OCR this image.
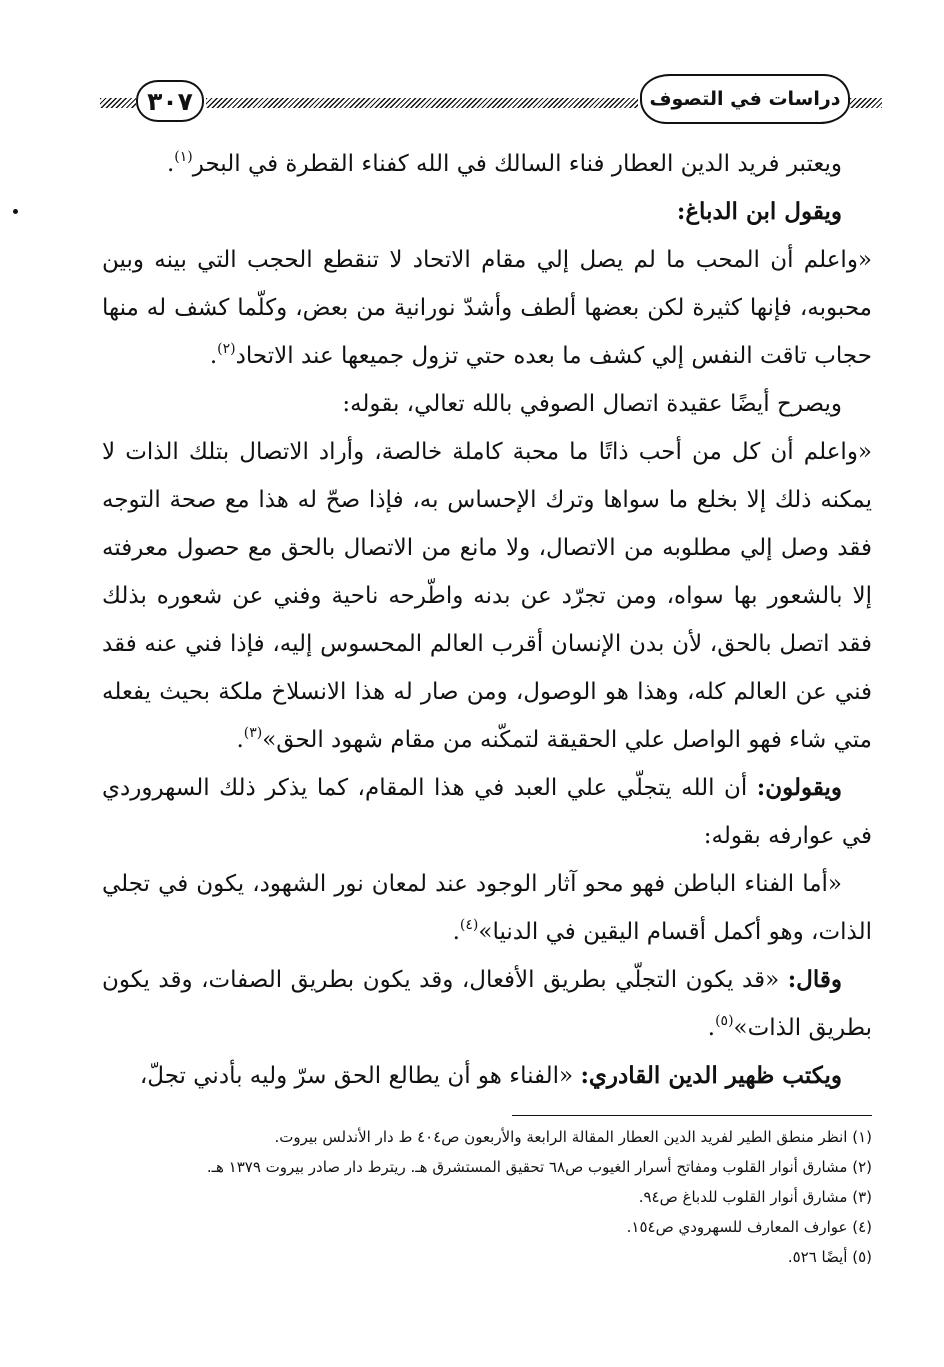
٣٠٧	دراسات في التصوف

ويعتبر فريد الدين العطار فناء السالك في الله كفناء القطرة في البحر$^{(١)}$.

ويقول ابن الدباغ:

«واعلم أن المحب ما لم يصل إلي مقام الاتحاد لا تنقطع الحجب التي بينه وبين محبوبه، فإنها كثيرة لكن بعضها ألطف وأشدّ نورانية من بعض، وكلّما كشف له منها حجاب تاقت النفس إلي كشف ما بعده حتي تزول جميعها عند الاتحاد$^{(٢)}$.

ويصرح أيضًا عقيدة اتصال الصوفي بالله تعالي، بقوله:

«واعلم أن كل من أحب ذاتًا ما محبة كاملة خالصة، وأراد الاتصال بتلك الذات لا يمكنه ذلك إلا بخلع ما سواها وترك الإحساس به، فإذا صحّ له هذا مع صحة التوجه فقد وصل إلي مطلوبه من الاتصال، ولا مانع من الاتصال بالحق مع حصول معرفته إلا بالشعور بها سواه، ومن تجرّد عن بدنه واطّرحه ناحية وفني عن شعوره بذلك فقد اتصل بالحق، لأن بدن الإنسان أقرب العالم المحسوس إليه، فإذا فني عنه فقد فني عن العالم كله، وهذا هو الوصول، ومن صار له هذا الانسلاخ ملكة بحيث يفعله متي شاء فهو الواصل علي الحقيقة لتمكّنه من مقام شهود الحق»$^{(٣)}$.

ويقولون: أن الله يتجلّي علي العبد في هذا المقام، كما يذكر ذلك السهروردي في عوارفه بقوله:

«أما الفناء الباطن فهو محو آثار الوجود عند لمعان نور الشهود، يكون في تجلي الذات، وهو أكمل أقسام اليقين في الدنيا»$^{(٤)}$.

وقال: «قد يكون التجلّي بطريق الأفعال، وقد يكون بطريق الصفات، وقد يكون بطريق الذات»$^{(٥)}$.

ويكتب ظهير الدين القادري: «الفناء هو أن يطالع الحق سرّ وليه بأدني تجلّ،

(١) انظر منطق الطير لفريد الدين العطار المقالة الرابعة والأربعون ص٤٠٤ ط دار الأندلس بيروت.

(٢) مشارق أنوار القلوب ومفاتح أسرار الغيوب ص٦٨ تحقيق المستشرق هـ. ريترط دار صادر بيروت ١٣٧٩ هـ.

(٣) مشارق أنوار القلوب للدباغ ص٩٤.

(٤) عوارف المعارف للسهرودي ص١٥٤.

(٥) أيضًا ٥٢٦.
